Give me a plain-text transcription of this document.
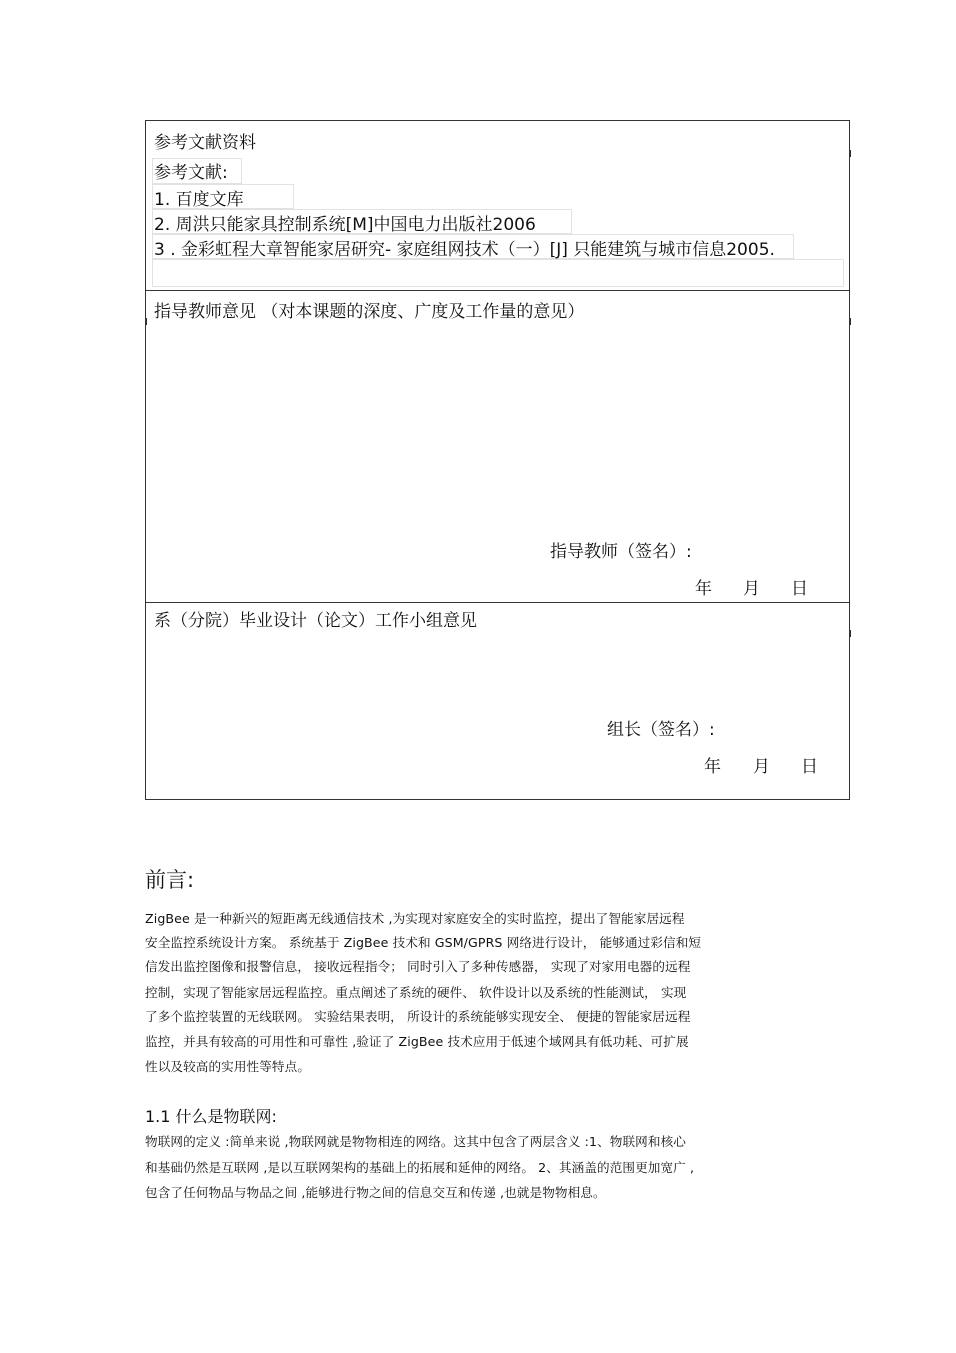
参考文献资料
参考文献:
1. 百度文库
2. 周洪只能家具控制系统[M]中国电力出版社2006
3 . 金彩虹程大章智能家居研究- 家庭组网技术（一）[J] 只能建筑与城市信息2005.
指导教师意见 （对本课题的深度、广度及工作量的意见）
指导教师（签名）:
年 月 日
系（分院）毕业设计（论文）工作小组意见
组长（签名）:
年 月 日
前言:
ZigBee 是一种新兴的短距离无线通信技术 ,为实现对家庭安全的实时监控，提出了智能家居远程
安全监控系统设计方案。 系统基于 ZigBee 技术和 GSM/GPRS 网络进行设计， 能够通过彩信和短
信发出监控图像和报警信息， 接收远程指令； 同时引入了多种传感器， 实现了对家用电器的远程
控制，实现了智能家居远程监控。重点阐述了系统的硬件、 软件设计以及系统的性能测试， 实现
了多个监控装置的无线联网。 实验结果表明， 所设计的系统能够实现安全、 便捷的智能家居远程
监控，并具有较高的可用性和可靠性 ,验证了 ZigBee 技术应用于低速个域网具有低功耗、可扩展
性以及较高的实用性等特点。
1.1 什么是物联网:
物联网的定义 :简单来说 ,物联网就是物物相连的网络。这其中包含了两层含义 :1、物联网和核心
和基础仍然是互联网 ,是以互联网架构的基础上的拓展和延伸的网络。 2、其涵盖的范围更加宽广 ,
包含了任何物品与物品之间 ,能够进行物之间的信息交互和传递 ,也就是物物相息。
